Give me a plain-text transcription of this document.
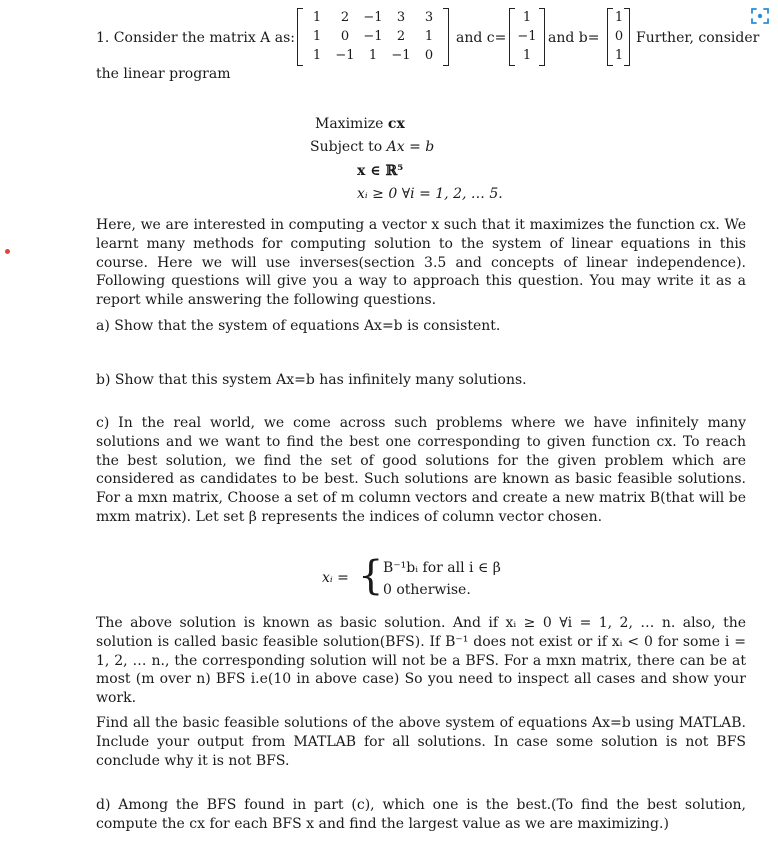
1. Consider the matrix A as:
1	2	−1	3	3
1	0	−1	2	1
1	−1	1	−1	0
and c=
1
−1
1
and b=
1
0
1
Further, consider
the linear program
Maximize cx
Subject to Ax = b
x ∈ ℝ⁵
xᵢ ≥ 0 ∀i = 1, 2, … 5.
Here, we are interested in computing a vector x such that it maximizes the function cx. We learnt many methods for computing solution to the system of linear equations in this course. Here we will use inverses(section 3.5 and concepts of linear independence). Following questions will give you a way to approach this question. You may write it as a report while answering the following questions.
a) Show that the system of equations Ax=b is consistent.
b) Show that this system Ax=b has infinitely many solutions.
c) In the real world, we come across such problems where we have infinitely many solutions and we want to find the best one corresponding to given function cx. To reach the best solution, we find the set of good solutions for the given problem which are considered as candidates to be best. Such solutions are known as basic feasible solutions. For a mxn matrix, Choose a set of m column vectors and create a new matrix B(that will be mxm matrix). Let set β represents the indices of column vector chosen.
xᵢ = { B⁻¹bᵢ for all i ∈ β
0 otherwise.
The above solution is known as basic solution. And if xᵢ ≥ 0 ∀i = 1, 2, … n. also, the solution is called basic feasible solution(BFS). If B⁻¹ does not exist or if xᵢ < 0 for some i = 1, 2, … n., the corresponding solution will not be a BFS. For a mxn matrix, there can be at most (m over n) BFS i.e(10 in above case) So you need to inspect all cases and show your work.
Find all the basic feasible solutions of the above system of equations Ax=b using MATLAB. Include your output from MATLAB for all solutions. In case some solution is not BFS conclude why it is not BFS.
d) Among the BFS found in part (c), which one is the best.(To find the best solution, compute the cx for each BFS x and find the largest value as we are maximizing.)
